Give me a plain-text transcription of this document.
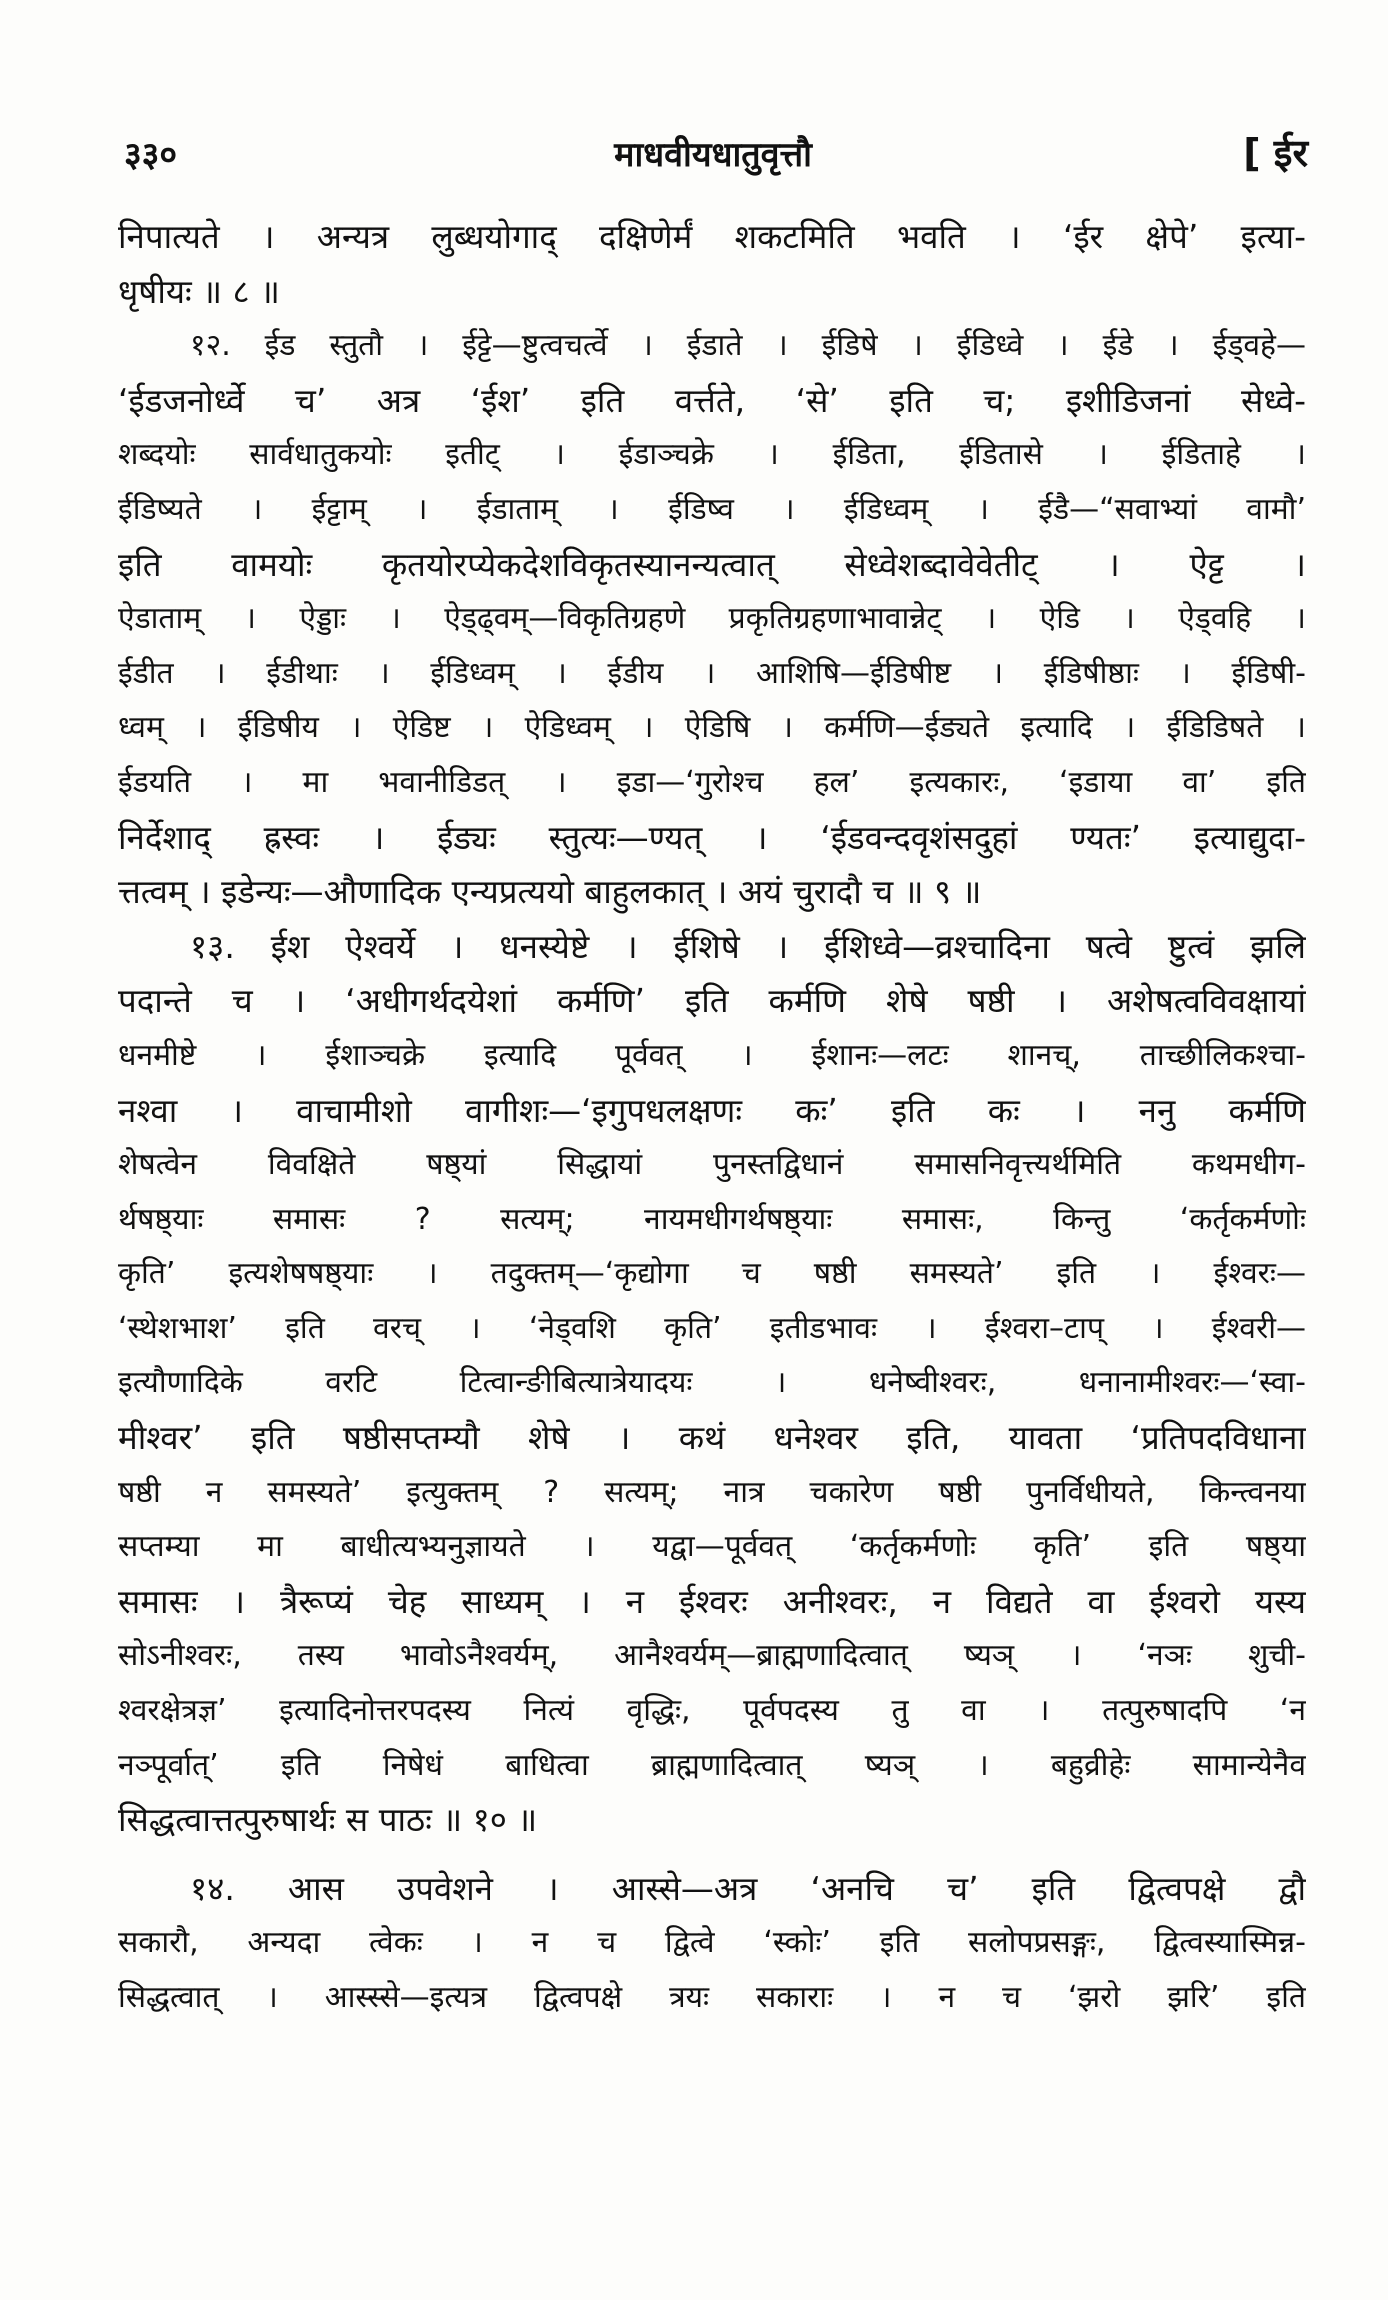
३३०	माधवीयधातुवृत्तौ	[ ईर
निपात्यते । अन्यत्र लुब्धयोगाद् दक्षिणेर्मं शकटमिति भवति । ‘ईर क्षेपे’ इत्या-
धृषीयः ॥ ८ ॥
१२. ईड स्तुतौ । ईट्टे—ष्टुत्वचर्त्वे । ईडाते । ईडिषे । ईडिध्वे । ईडे । ईड्वहे—
‘ईडजनोर्ध्वे च’ अत्र ‘ईश’ इति वर्त्तते, ‘से’ इति च; इशीडिजनां सेध्वे-
शब्दयोः सार्वधातुकयोः इतीट् । ईडाञ्चक्रे । ईडिता, ईडितासे । ईडिताहे ।
ईडिष्यते । ईट्टाम् । ईडाताम् । ईडिष्व । ईडिध्वम् । ईडै—“सवाभ्यां वामौ’
इति वामयोः कृतयोरप्येकदेशविकृतस्यानन्यत्वात् सेध्वेशब्दावेवेतीट् । ऐट्ट ।
ऐडाताम् । ऐड्डाः । ऐड्ढ्वम्—विकृतिग्रहणे प्रकृतिग्रहणाभावान्नेट् । ऐडि । ऐड्वहि ।
ईडीत । ईडीथाः । ईडिध्वम् । ईडीय । आशिषि—ईडिषीष्ट । ईडिषीष्ठाः । ईडिषी-
ध्वम् । ईडिषीय । ऐडिष्ट । ऐडिध्वम् । ऐडिषि । कर्मणि—ईड्यते इत्यादि । ईडिडिषते ।
ईडयति । मा भवानीडिडत् । इडा—‘गुरोश्च हल’ इत्यकारः, ‘इडाया वा’ इति
निर्देशाद् ह्रस्वः । ईड्यः स्तुत्यः—ण्यत् । ‘ईडवन्दवृशंसदुहां ण्यतः’ इत्याद्युदा-
त्तत्वम् । इडेन्यः—औणादिक एन्यप्रत्ययो बाहुलकात् । अयं चुरादौ च ॥ ९ ॥
१३. ईश ऐश्वर्ये । धनस्येष्टे । ईशिषे । ईशिध्वे—व्रश्चादिना षत्वे ष्टुत्वं झलि
पदान्ते च । ‘अधीगर्थदयेशां कर्मणि’ इति कर्मणि शेषे षष्ठी । अशेषत्वविवक्षायां
धनमीष्टे । ईशाञ्चक्रे इत्यादि पूर्ववत् । ईशानः—लटः शानच्, ताच्छीलिकश्चा-
नश्वा । वाचामीशो वागीशः—‘इगुपधलक्षणः कः’ इति कः । ननु कर्मणि
शेषत्वेन विवक्षिते षष्ठ्यां सिद्धायां पुनस्तद्विधानं समासनिवृत्त्यर्थमिति कथमधीग-
र्थषष्ठ्याः समासः ? सत्यम्; नायमधीगर्थषष्ठ्याः समासः, किन्तु ‘कर्तृकर्मणोः
कृति’ इत्यशेषषष्ठ्याः । तदुक्तम्—‘कृद्योगा च षष्ठी समस्यते’ इति । ईश्वरः—
‘स्थेशभाश’ इति वरच् । ‘नेड्वशि कृति’ इतीडभावः । ईश्वरा–टाप् । ईश्वरी—
इत्यौणादिके वरटि टित्वान्ङीबित्यात्रेयादयः । धनेष्वीश्वरः, धनानामीश्वरः—‘स्वा-
मीश्वर’ इति षष्ठीसप्तम्यौ शेषे । कथं धनेश्वर इति, यावता ‘प्रतिपदविधाना
षष्ठी न समस्यते’ इत्युक्तम् ? सत्यम्; नात्र चकारेण षष्ठी पुनर्विधीयते, किन्त्वनया
सप्तम्या मा बाधीत्यभ्यनुज्ञायते । यद्वा—पूर्ववत् ‘कर्तृकर्मणोः कृति’ इति षष्ठ्या
समासः । त्रैरूप्यं चेह साध्यम् । न ईश्वरः अनीश्वरः, न विद्यते वा ईश्वरो यस्य
सोऽनीश्वरः, तस्य भावोऽनैश्वर्यम्, आनैश्वर्यम्—ब्राह्मणादित्वात् ष्यञ् । ‘नञः शुची-
श्वरक्षेत्रज्ञ’ इत्यादिनोत्तरपदस्य नित्यं वृद्धिः, पूर्वपदस्य तु वा । तत्पुरुषादपि ‘न
नञ्पूर्वात्’ इति निषेधं बाधित्वा ब्राह्मणादित्वात् ष्यञ् । बहुव्रीहेः सामान्येनैव
सिद्धत्वात्तत्पुरुषार्थः स पाठः ॥ १० ॥
१४. आस उपवेशने । आस्से—अत्र ‘अनचि च’ इति द्वित्वपक्षे द्वौ
सकारौ, अन्यदा त्वेकः । न च द्वित्वे ‘स्कोः’ इति सलोपप्रसङ्गः, द्वित्वस्यास्मिन्न-
सिद्धत्वात् । आस्स्से—इत्यत्र द्वित्वपक्षे त्रयः सकाराः । न च ‘झरो झरि’ इति
